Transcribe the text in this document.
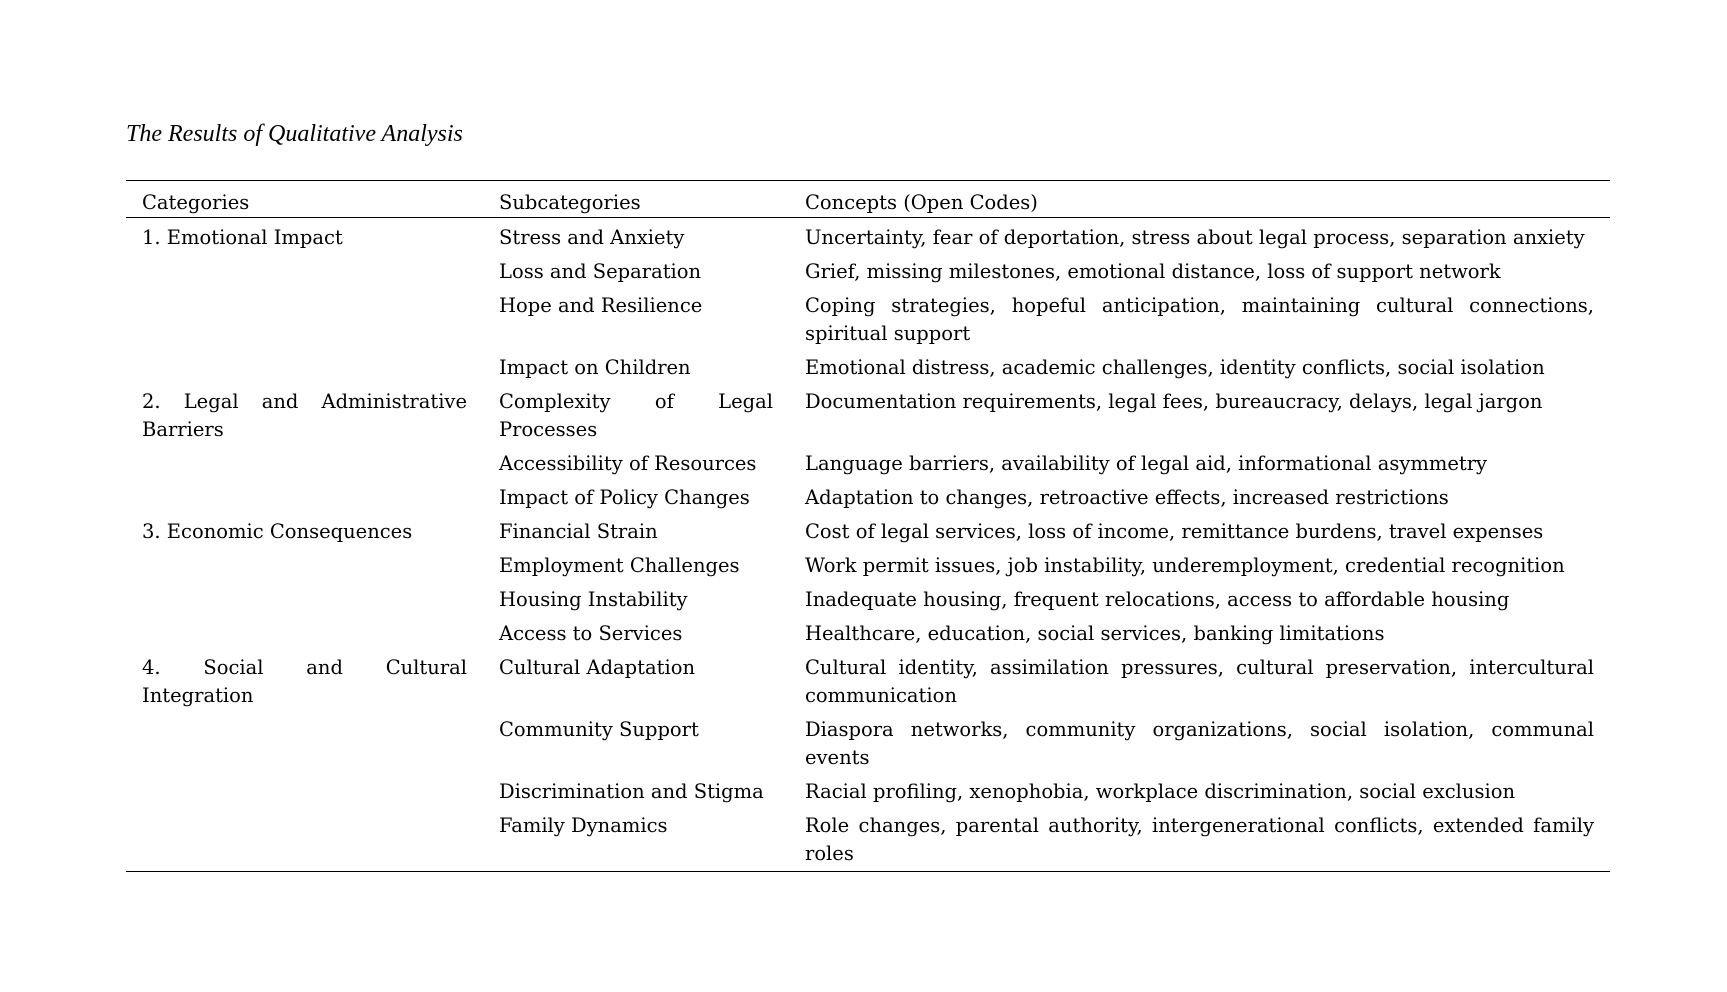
The Results of Qualitative Analysis
Categories	Subcategories	Concepts (Open Codes)
1. Emotional Impact	Stress and Anxiety	Uncertainty, fear of deportation, stress about legal process, separation anxiety
	Loss and Separation	Grief, missing milestones, emotional distance, loss of support network
	Hope and Resilience	Coping strategies, hopeful anticipation, maintaining cultural connections, spiritual support
	Impact on Children	Emotional distress, academic challenges, identity conflicts, social isolation
2. Legal and Administrative Barriers	Complexity of Legal Processes	Documentation requirements, legal fees, bureaucracy, delays, legal jargon
	Accessibility of Resources	Language barriers, availability of legal aid, informational asymmetry
	Impact of Policy Changes	Adaptation to changes, retroactive effects, increased restrictions
3. Economic Consequences	Financial Strain	Cost of legal services, loss of income, remittance burdens, travel expenses
	Employment Challenges	Work permit issues, job instability, underemployment, credential recognition
	Housing Instability	Inadequate housing, frequent relocations, access to affordable housing
	Access to Services	Healthcare, education, social services, banking limitations
4. Social and Cultural Integration	Cultural Adaptation	Cultural identity, assimilation pressures, cultural preservation, intercultural communication
	Community Support	Diaspora networks, community organizations, social isolation, communal events
	Discrimination and Stigma	Racial profiling, xenophobia, workplace discrimination, social exclusion
	Family Dynamics	Role changes, parental authority, intergenerational conflicts, extended family roles
